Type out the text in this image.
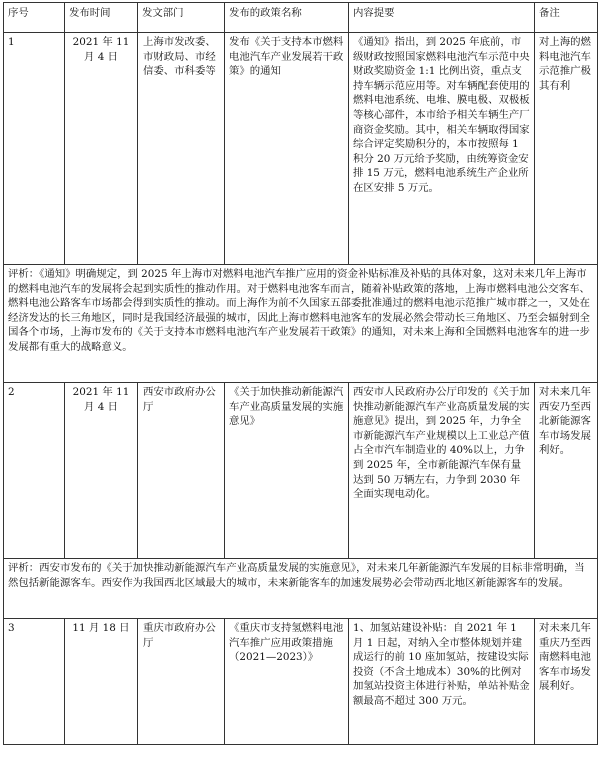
序号	发布时间	发文部门	发布的政策名称	内容提要	备注
1	2021 年 11 月 4 日	上海市发改委、市财政局、市经信委、市科委等	发布《关于支持本市燃料电池汽车产业发展若干政策》的通知	《通知》指出，到 2025 年底前，市级财政按照国家燃料电池汽车示范中央财政奖励资金 1:1 比例出资，重点支持车辆示范应用等。对车辆配套使用的燃料电池系统、电堆、膜电极、双极板等核心部件，本市给予相关车辆生产厂商资金奖励。其中，相关车辆取得国家综合评定奖励积分的，本市按照每 1 积分 20 万元给予奖励，由统筹资金安排 15 万元，燃料电池系统生产企业所在区安排 5 万元。	对上海的燃料电池汽车示范推广极其有利
评析：《通知》明确规定，到 2025 年上海市对燃料电池汽车推广应用的资金补贴标准及补贴的具体对象，这对未来几年上海市的燃料电池汽车的发展将会起到实质性的推动作用。对于燃料电池客车而言，随着补贴政策的落地，上海市燃料电池公交客车、燃料电池公路客车市场都会得到实质性的推动。而上海作为前不久国家五部委批准通过的燃料电池示范推广城市群之一，又处在经济发达的长三角地区，同时是我国经济最强的城市，因此上海市燃料电池客车的发展必然会带动长三角地区、乃至会辐射到全国各个市场，上海市发布的《关于支持本市燃料电池汽车产业发展若干政策》的通知，对未来上海和全国燃料电池客车的进一步发展都有重大的战略意义。					
2	2021 年 11 月 4 日	西安市政府办公厅	《关于加快推动新能源汽车产业高质量发展的实施意见》	西安市人民政府办公厅印发的《关于加快推动新能源汽车产业高质量发展的实施意见》提出，到 2025 年，力争全市新能源汽车产业规模以上工业总产值占全市汽车制造业的 40%以上，力争到 2025 年，全市新能源汽车保有量达到 50 万辆左右，力争到 2030 年全面实现电动化。	对未来几年西安乃至西北新能源客车市场发展利好。
评析：西安市发布的《关于加快推动新能源汽车产业高质量发展的实施意见》，对未来几年新能源汽车发展的目标非常明确，当然包括新能源客车。西安作为我国西北区域最大的城市，未来新能客车的加速发展势必会带动西北地区新能源客车的发展。					
3	11 月 18 日	重庆市政府办公厅	《重庆市支持氢燃料电池汽车推广应用政策措施（2021—2023）》	1、加氢站建设补贴：自 2021 年 1 月 1 日起，对纳入全市整体规划并建成运行的前 10 座加氢站，按建设实际投资（不含土地成本）30%的比例对加氢站投资主体进行补贴，单站补贴金额最高不超过 300 万元。	对未来几年重庆乃至西南燃料电池客车市场发展利好。
